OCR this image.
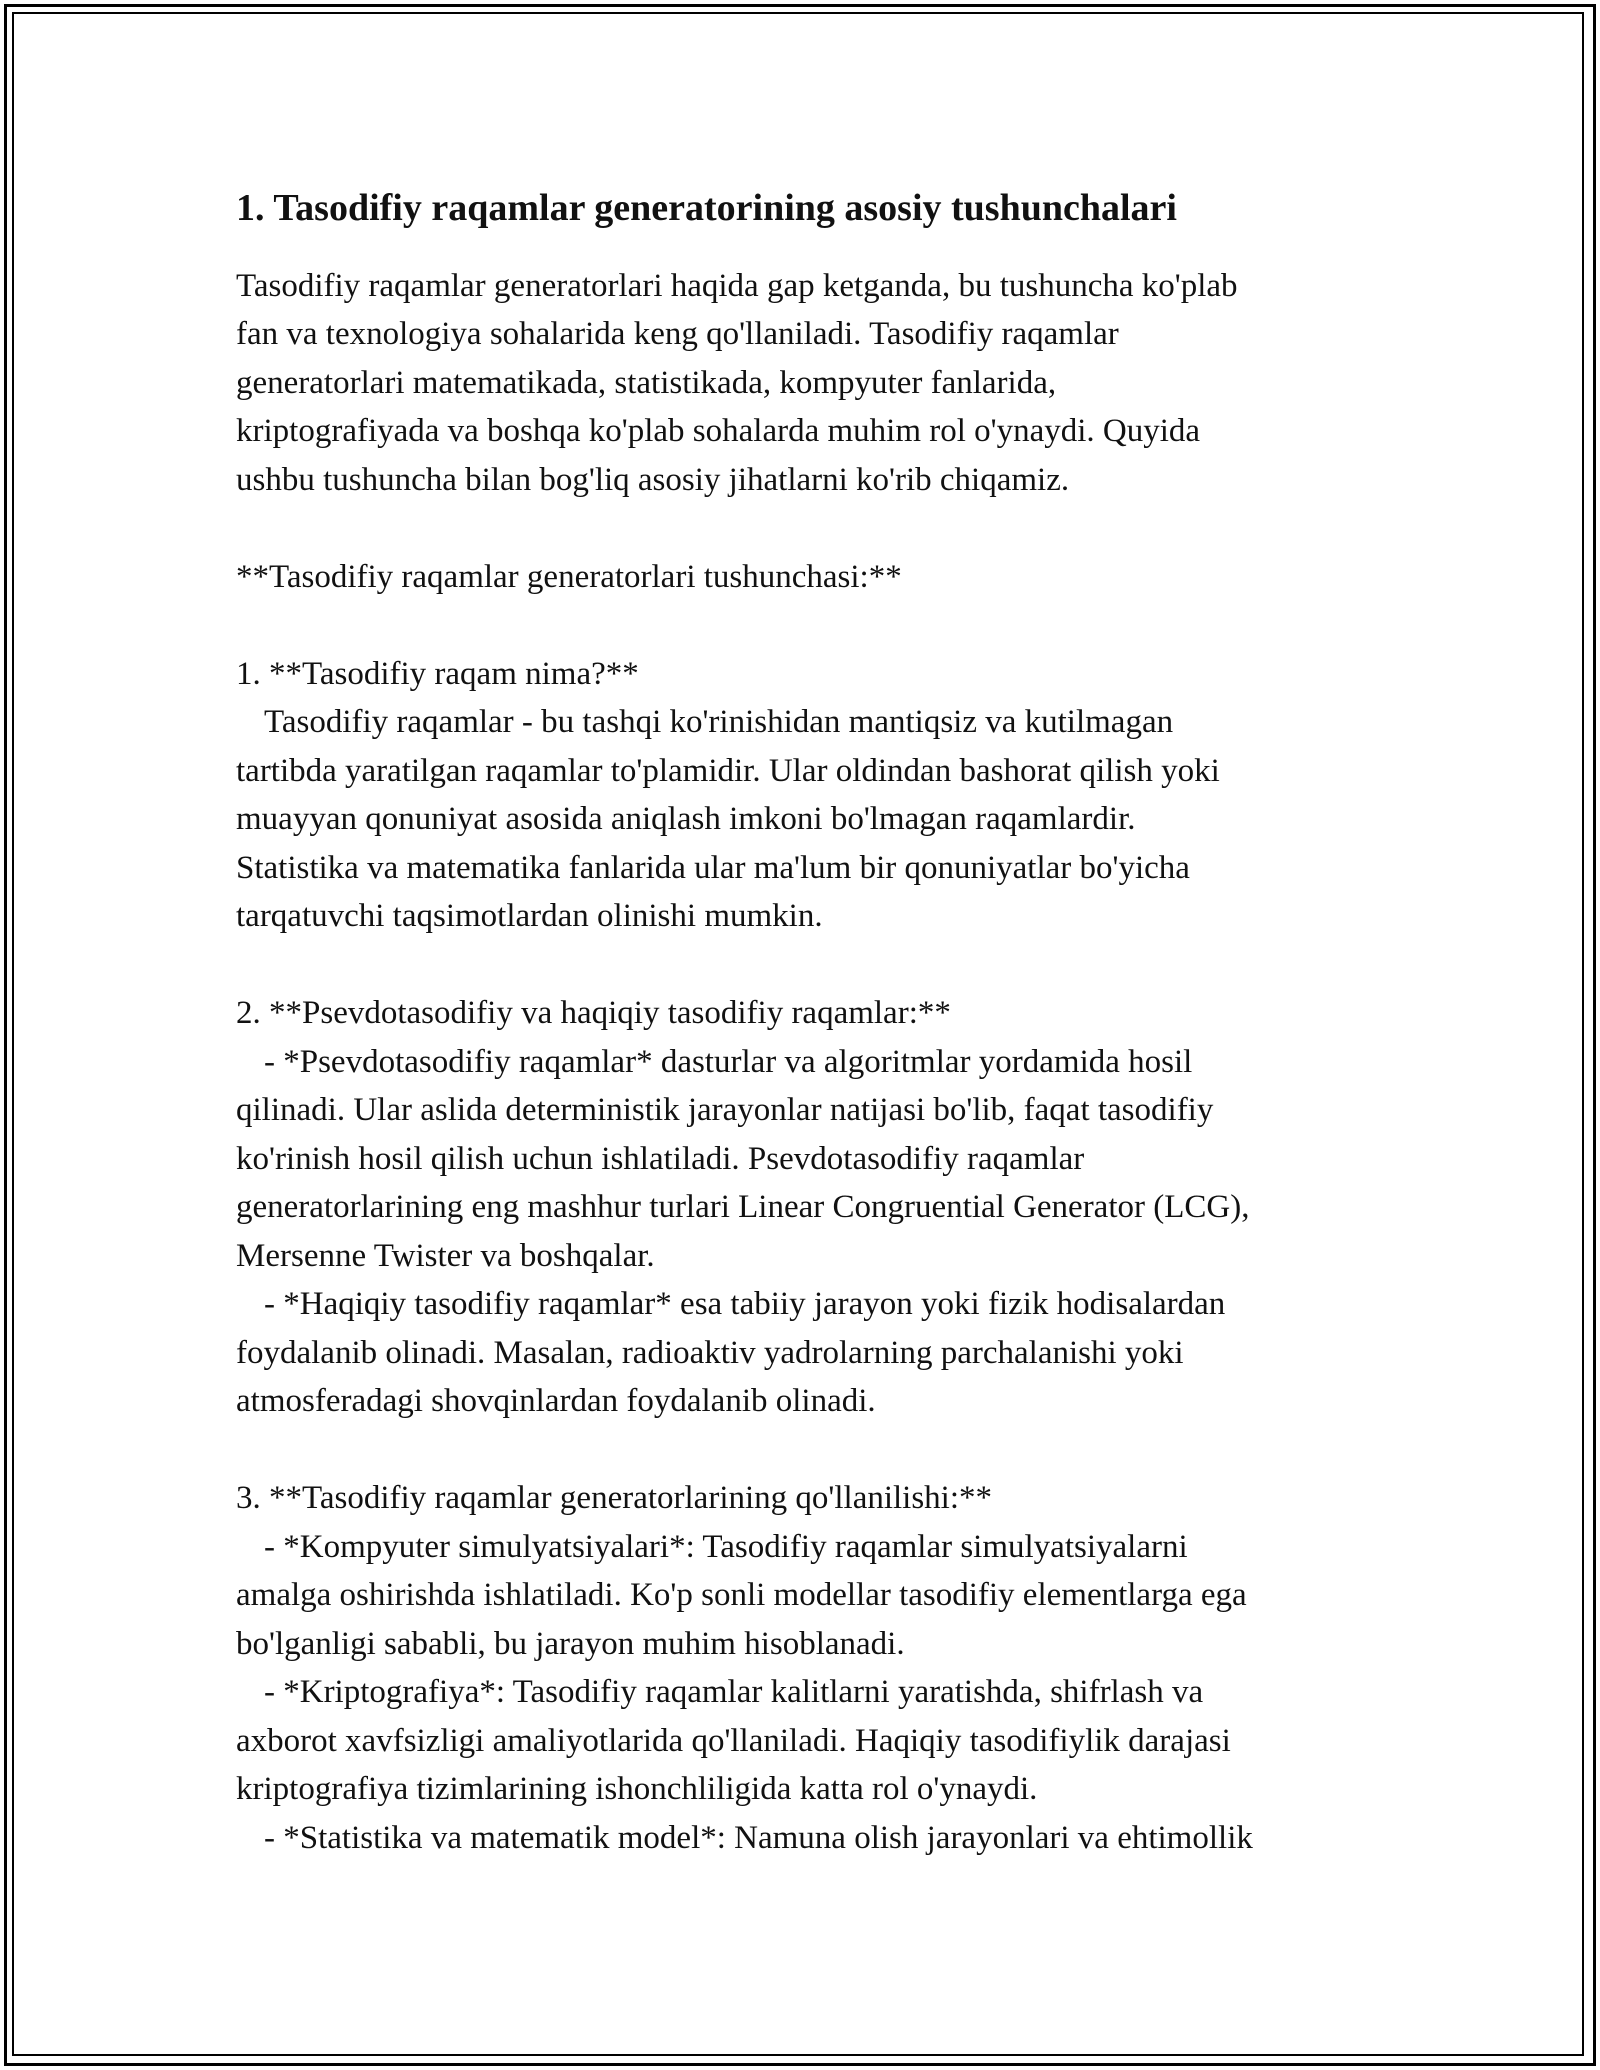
1. Tasodifiy raqamlar generatorining asosiy tushunchalari

Tasodifiy raqamlar generatorlari haqida gap ketganda, bu tushuncha ko'plab

fan va texnologiya sohalarida keng qo'llaniladi. Tasodifiy raqamlar

generatorlari matematikada, statistikada, kompyuter fanlarida,

kriptografiyada va boshqa ko'plab sohalarda muhim rol o'ynaydi. Quyida

ushbu tushuncha bilan bog'liq asosiy jihatlarni ko'rib chiqamiz.

**Tasodifiy raqamlar generatorlari tushunchasi:**

1. **Tasodifiy raqam nima?**

Tasodifiy raqamlar - bu tashqi ko'rinishidan mantiqsiz va kutilmagan

tartibda yaratilgan raqamlar to'plamidir. Ular oldindan bashorat qilish yoki

muayyan qonuniyat asosida aniqlash imkoni bo'lmagan raqamlardir.

Statistika va matematika fanlarida ular ma'lum bir qonuniyatlar bo'yicha

tarqatuvchi taqsimotlardan olinishi mumkin.

2. **Psevdotasodifiy va haqiqiy tasodifiy raqamlar:**

- *Psevdotasodifiy raqamlar* dasturlar va algoritmlar yordamida hosil

qilinadi. Ular aslida deterministik jarayonlar natijasi bo'lib, faqat tasodifiy

ko'rinish hosil qilish uchun ishlatiladi. Psevdotasodifiy raqamlar

generatorlarining eng mashhur turlari Linear Congruential Generator (LCG),

Mersenne Twister va boshqalar.

- *Haqiqiy tasodifiy raqamlar* esa tabiiy jarayon yoki fizik hodisalardan

foydalanib olinadi. Masalan, radioaktiv yadrolarning parchalanishi yoki

atmosferadagi shovqinlardan foydalanib olinadi.

3. **Tasodifiy raqamlar generatorlarining qo'llanilishi:**

- *Kompyuter simulyatsiyalari*: Tasodifiy raqamlar simulyatsiyalarni

amalga oshirishda ishlatiladi. Ko'p sonli modellar tasodifiy elementlarga ega

bo'lganligi sababli, bu jarayon muhim hisoblanadi.

- *Kriptografiya*: Tasodifiy raqamlar kalitlarni yaratishda, shifrlash va

axborot xavfsizligi amaliyotlarida qo'llaniladi. Haqiqiy tasodifiylik darajasi

kriptografiya tizimlarining ishonchliligida katta rol o'ynaydi.

- *Statistika va matematik model*: Namuna olish jarayonlari va ehtimollik
